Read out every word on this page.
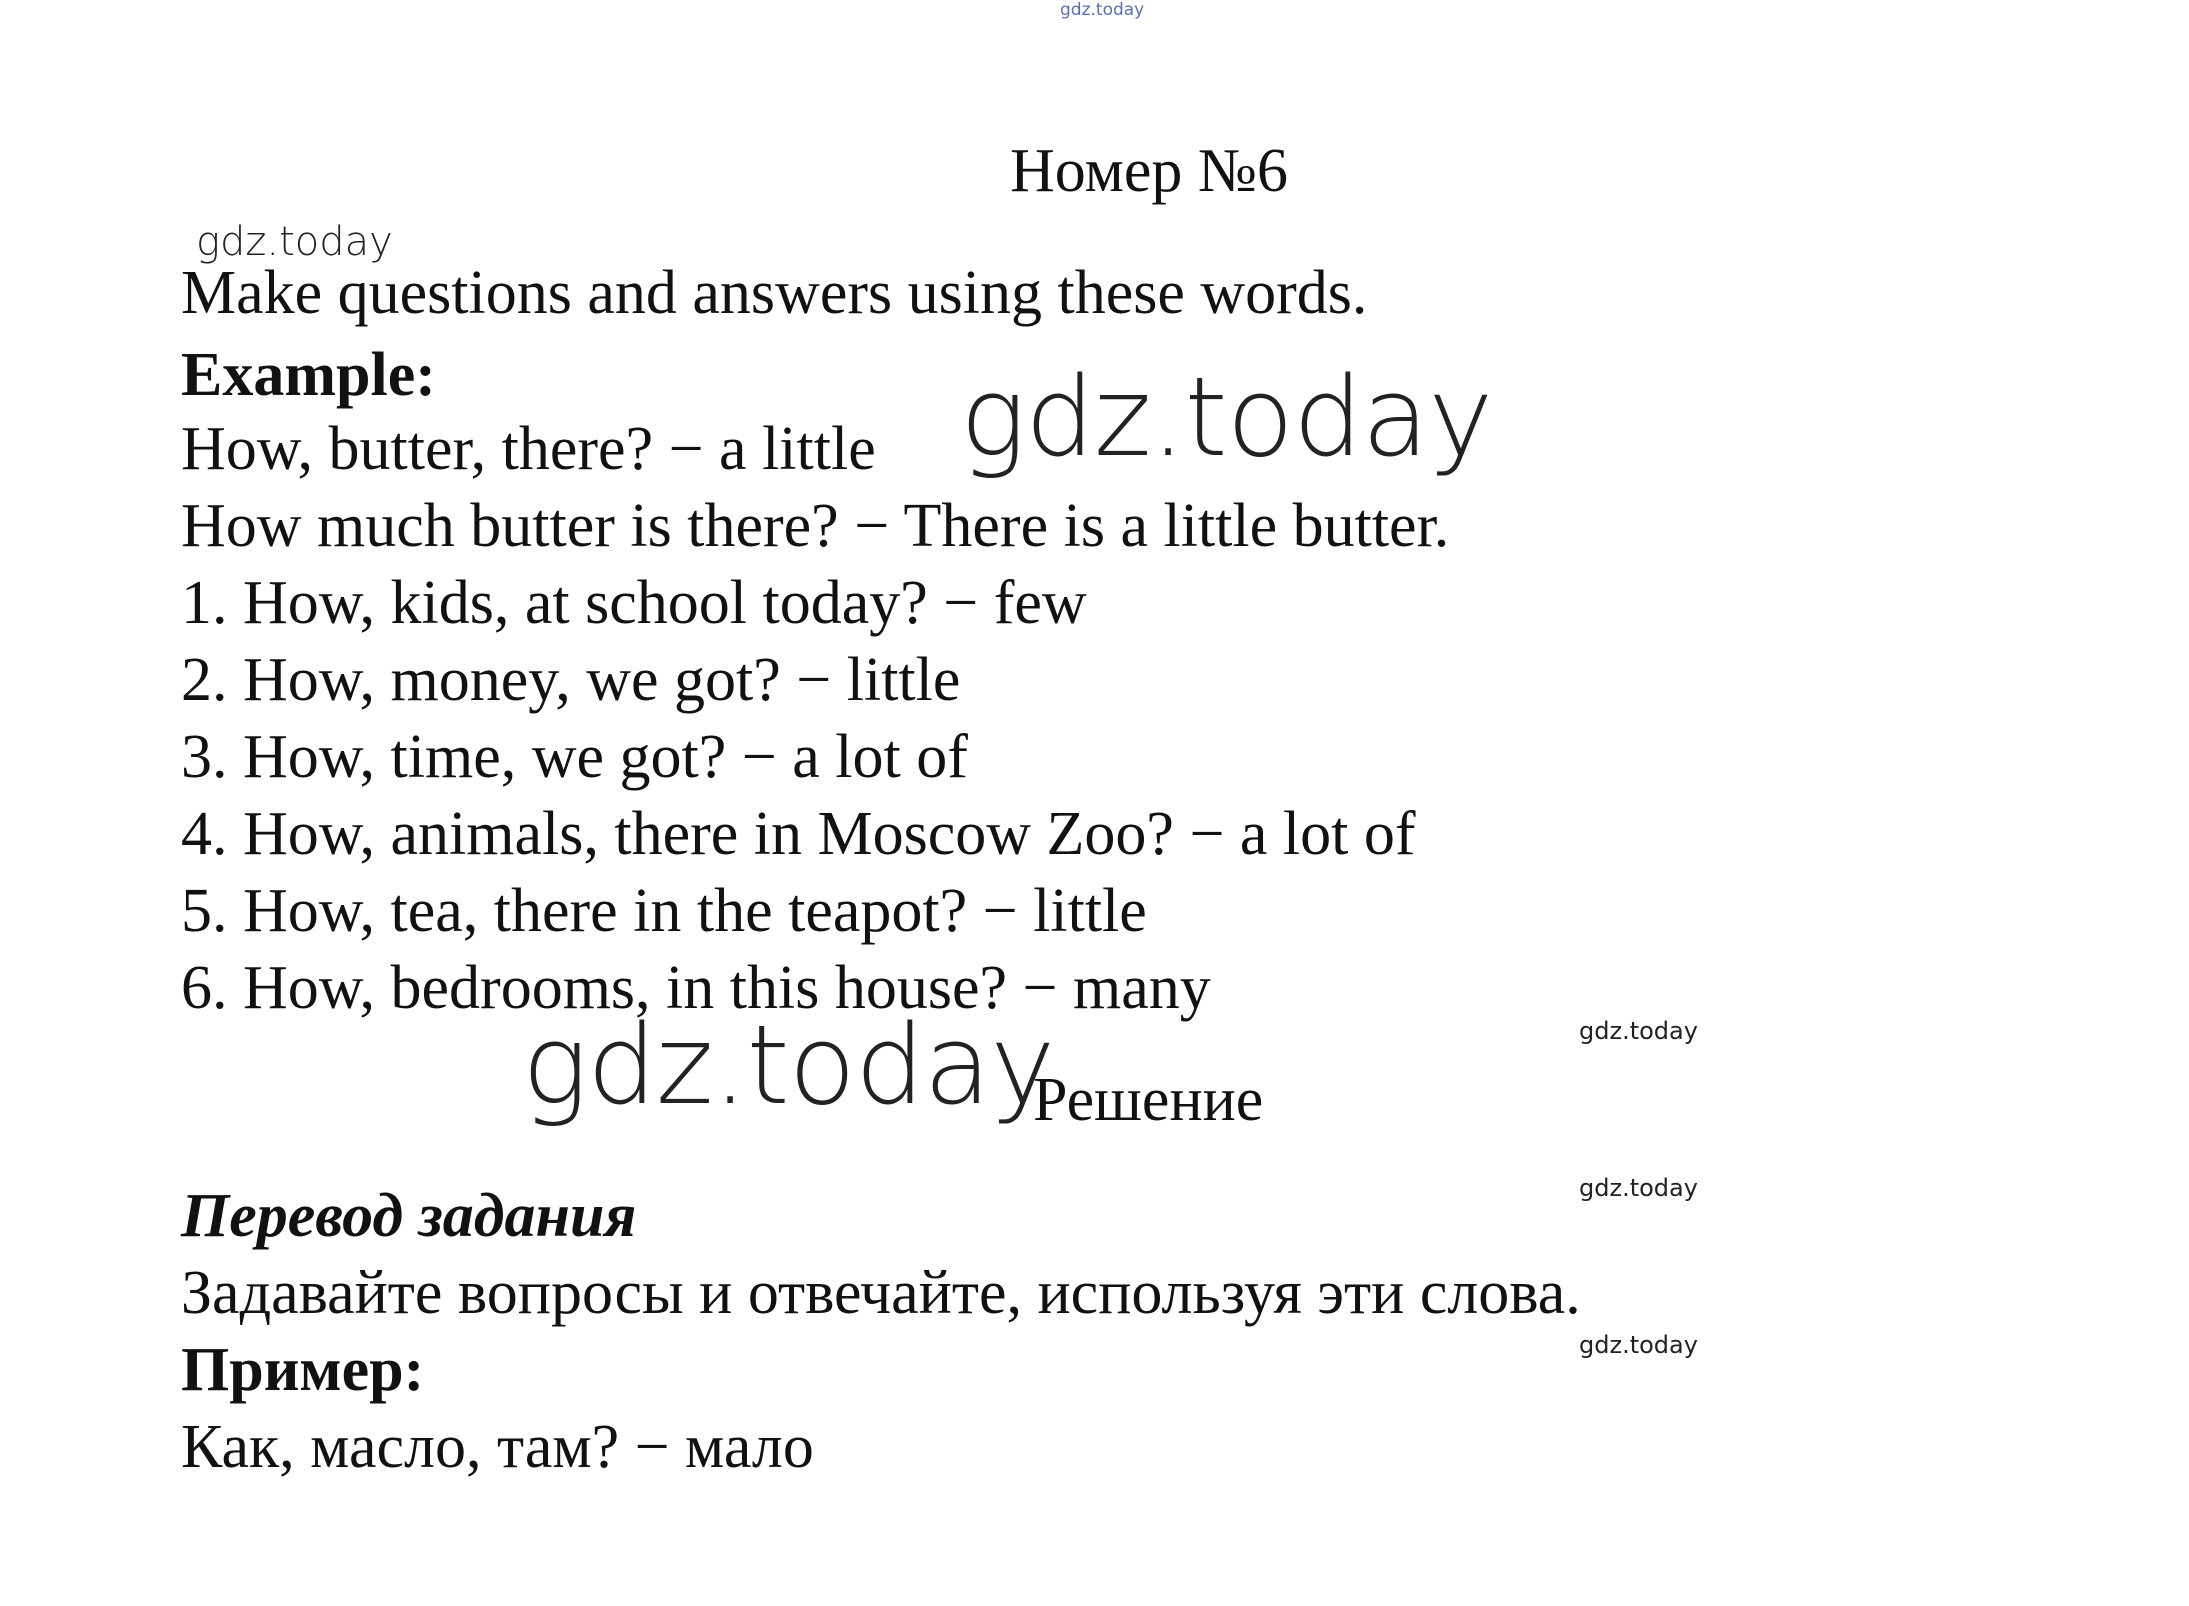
gdz.today
Номер №6
gdz.today
Make questions and answers using these words.
Example:
How, butter, there? − a little gdz.today
How much butter is there? − There is a little butter.
1. How, kids, at school today? − few
2. How, money, we got? − little
3. How, time, we got? − a lot of
4. How, animals, there in Moscow Zoo? − a lot of
5. How, tea, there in the teapot? − little
6. How, bedrooms, in this house? − many
gdz.today
gdz.today
Решение
gdz.today
Перевод задания
Задавайте вопросы и отвечайте, используя эти слова.
gdz.today
Пример:
Как, масло, там? − мало
